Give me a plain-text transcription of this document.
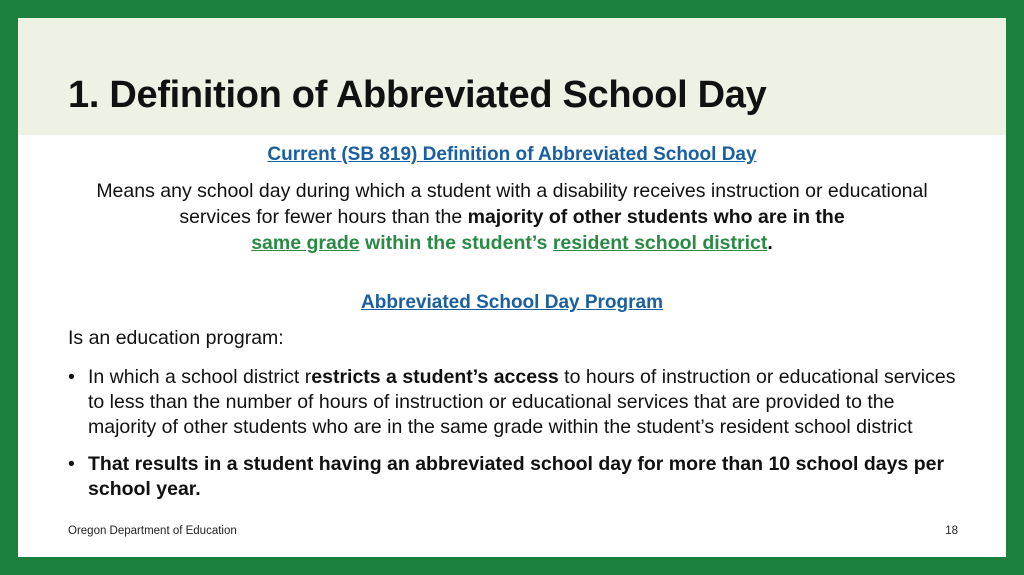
1. Definition of Abbreviated School Day
Current (SB 819) Definition of Abbreviated School Day
Means any school day during which a student with a disability receives instruction or educational services for fewer hours than the majority of other students who are in the
same grade within the student’s resident school district.
Abbreviated School Day Program
Is an education program:
• In which a school district restricts a student’s access to hours of instruction or educational services to less than the number of hours of instruction or educational services that are provided to the majority of other students who are in the same grade within the student’s resident school district
• That results in a student having an abbreviated school day for more than 10 school days per school year.
Oregon Department of Education	18
